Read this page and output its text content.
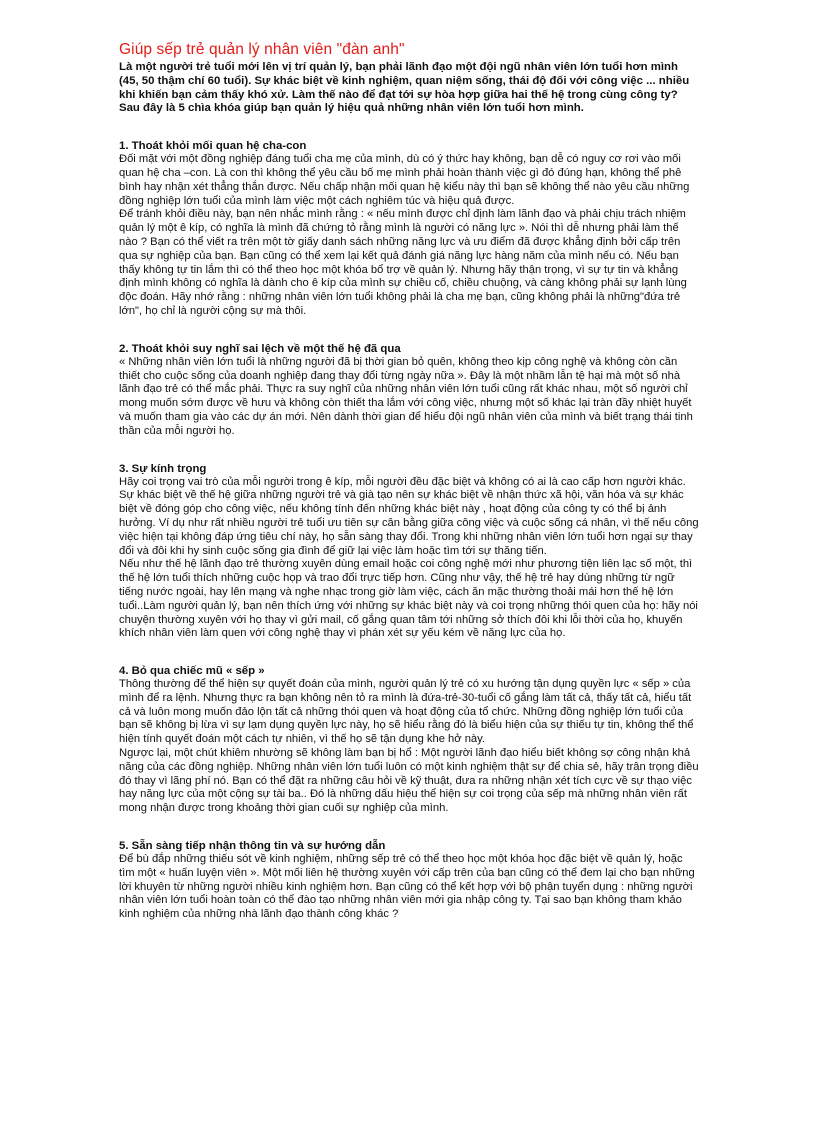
Giúp sếp trẻ quản lý nhân viên "đàn anh"

Là một người trẻ tuổi mới lên vị trí quản lý, bạn phải lãnh đạo một đội ngũ nhân viên lớn tuổi hơn mình (45, 50 thậm chí 60 tuổi). Sự khác biệt về kinh nghiệm, quan niệm sống, thái độ đối với công việc ... nhiều khi khiến bạn cảm thấy khó xử. Làm thế nào để đạt tới sự hòa hợp giữa hai thế hệ trong cùng công ty? Sau đây là 5 chìa khóa giúp bạn quản lý hiệu quả những nhân viên lớn tuổi hơn mình.

1. Thoát khỏi mối quan hệ cha-con

Đối mặt với một đồng nghiệp đáng tuổi cha mẹ của mình, dù có ý thức hay không, bạn dễ có nguy cơ rơi vào mối quan hệ cha –con. Là con thì không thể yêu cầu bố mẹ mình phải hoàn thành việc gì đó đúng hạn, không thể phê bình hay nhận xét thẳng thắn được. Nếu chấp nhận mối quan hệ kiểu này thì bạn sẽ không thể nào yêu cầu những đồng nghiệp lớn tuổi của mình làm việc một cách nghiêm túc và hiệu quả được.

Để tránh khỏi điều này, bạn nên nhắc mình rằng : « nếu mình được chỉ định làm lãnh đạo và phải chịu trách nhiệm quản lý một ê kíp, có nghĩa là mình đã chứng tỏ rằng mình là người có năng lực ». Nói thì dễ nhưng phải làm thế nào ? Bạn có thể viết ra trên một tờ giấy danh sách những năng lực và ưu điểm đã được khẳng định bởi cấp trên qua sự nghiệp của bạn. Bạn cũng có thể xem lại kết quả đánh giá năng lực hàng năm của mình nếu có. Nếu bạn thấy không tự tin lắm thì có thể theo học một khóa bổ trợ về quản lý. Nhưng hãy thận trọng, vì sự tự tin và khẳng định mình không có nghĩa là dành cho ê kíp của mình sự chiều cố, chiều chuộng, và càng không phải sự lạnh lùng độc đoán. Hãy nhớ rằng : những nhân viên lớn tuổi không phải là cha mẹ bạn, cũng không phải là những"đứa trẻ lớn", họ chỉ là người cộng sự mà thôi.

2. Thoát khỏi suy nghĩ sai lệch về một thế hệ đã qua

« Những nhân viên lớn tuổi là những người đã bị thời gian bỏ quên, không theo kịp công nghệ và không còn cần thiết cho cuộc sống của doanh nghiệp đang thay đổi từng ngày nữa ». Đây là một nhầm lẫn tệ hại mà một số nhà lãnh đạo trẻ có thể mắc phải. Thực ra suy nghĩ của những nhân viên lớn tuổi cũng rất khác nhau, một số người chỉ mong muốn sớm được về hưu và không còn thiết tha lắm với công việc, nhưng một số khác lại tràn đầy nhiệt huyết và muốn tham gia vào các dự án mới. Nên dành thời gian để hiểu đội ngũ nhân viên của mình và biết trạng thái tinh thần của mỗi người họ.

3. Sự kính trọng

Hãy coi trọng vai trò của mỗi người trong ê kíp, mỗi người đều đặc biệt và không có ai là cao cấp hơn người khác. Sự khác biệt về thế hệ giữa những người trẻ và già tạo nên sự khác biệt về nhận thức xã hội, văn hóa và sự khác biệt về đóng góp cho công việc, nếu không tính đến những khác biệt này , hoạt động của công ty có thể bị ảnh hưởng. Ví dụ như rất nhiều người trẻ tuổi ưu tiên sự cân bằng giữa công việc và cuộc sống cá nhân, vì thế nếu công việc hiện tại không đáp ứng tiêu chí này, họ sẵn sàng thay đổi. Trong khi những nhân viên lớn tuổi hơn ngại sự thay đổi và đôi khi hy sinh cuộc sống gia đình để giữ lại việc làm hoặc tìm tới sự thăng tiến.

Nếu như thế hệ lãnh đạo trẻ thường xuyên dùng email hoặc coi công nghệ mới như phương tiện liên lạc số một, thì thế hệ lớn tuổi thích những cuộc họp và trao đổi trực tiếp hơn. Cũng như vậy, thế hệ trẻ hay dùng những từ ngữ tiếng nước ngoài, hay lên mạng và nghe nhạc trong giờ làm việc, cách ăn mặc thường thoải mái hơn thế hệ lớn tuổi..Làm người quản lý, bạn nên thích ứng với những sự khác biệt này và coi trọng những thói quen của họ: hãy nói chuyện thường xuyên với họ thay vì gửi mail, cố gắng quan tâm tới những sở thích đôi khi lỗi thời của họ, khuyến khích nhân viên làm quen với công nghệ thay vì phán xét sự yếu kém về năng lực của họ.

4. Bỏ qua chiếc mũ « sếp »

Thông thường để thể hiện sự quyết đoán của mình, người quản lý trẻ có xu hướng tận dụng quyền lực « sếp » của mình để ra lệnh. Nhưng thực ra bạn không nên tỏ ra mình là đứa-trẻ-30-tuổi cố gắng làm tất cả, thấy tất cả, hiểu tất cả và luôn mong muốn đảo lộn tất cả những thói quen và hoạt động của tổ chức. Những đồng nghiệp lớn tuổi của bạn sẽ không bị lừa vì sự lạm dụng quyền lực này, họ sẽ hiểu rằng đó là biểu hiện của sự thiếu tự tin, không thể thể hiện tính quyết đoán một cách tự nhiên, vì thế họ sẽ tận dụng khe hở này.

Ngược lại, một chút khiêm nhường sẽ không làm bạn bị hổ : Một người lãnh đạo hiểu biết không sợ công nhận khả năng của các đồng nghiệp. Những nhân viên lớn tuổi luôn có một kinh nghiệm thật sự để chia sẻ, hãy trân trọng điều đó thay vì lãng phí nó. Bạn có thể đặt ra những câu hỏi về kỹ thuật, đưa ra những nhận xét tích cực về sự thạo việc hay năng lực của một cộng sự tài ba.. Đó là những dấu hiệu thể hiện sự coi trọng của sếp mà những nhân viên rất mong nhận được trong khoảng thời gian cuối sự nghiệp của mình.

5. Sẵn sàng tiếp nhận thông tin và sự hướng dẫn

Để bù đắp những thiếu sót về kinh nghiệm, những sếp trẻ có thể theo học một khóa học đặc biệt về quản lý, hoặc tìm một « huấn luyện viên ». Một mối liên hệ thường xuyên với cấp trên của bạn cũng có thể đem lại cho bạn những lời khuyên từ những người nhiều kinh nghiệm hơn. Bạn cũng có thể kết hợp với bộ phận tuyển dụng : những người nhân viên lớn tuổi hoàn toàn có thể đào tạo những nhân viên mới gia nhập công ty. Tại sao bạn không tham khảo kinh nghiệm của những nhà lãnh đạo thành công khác ?
